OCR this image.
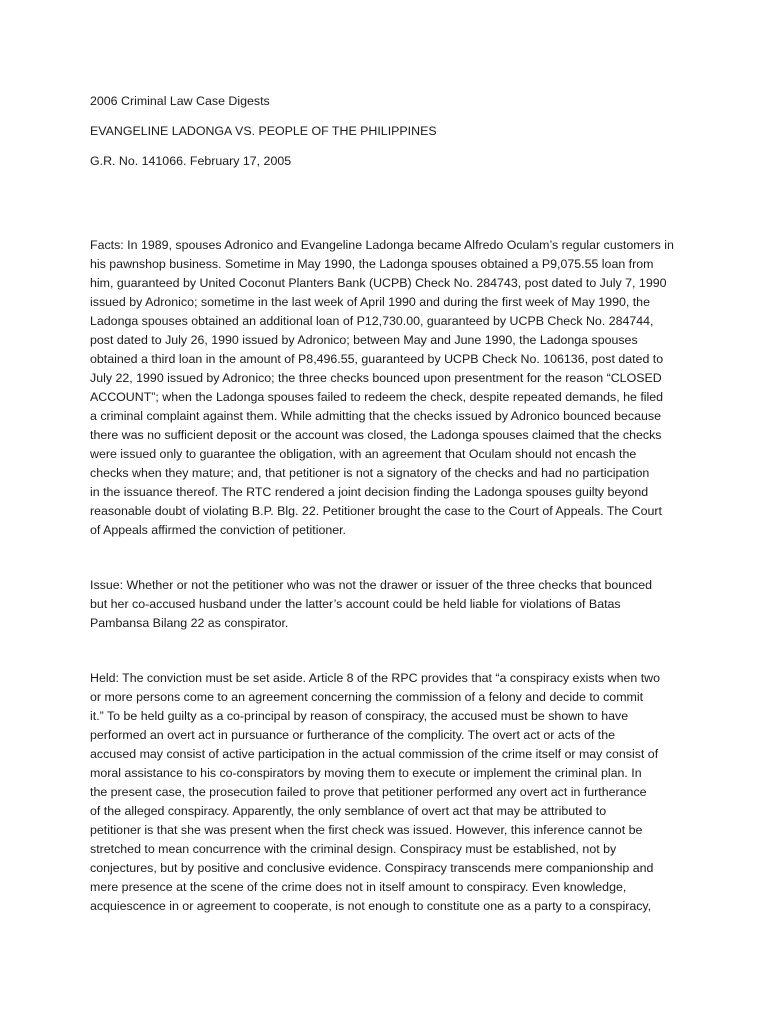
2006 Criminal Law Case Digests

EVANGELINE LADONGA VS. PEOPLE OF THE PHILIPPINES

G.R. No. 141066. February 17, 2005

Facts: In 1989, spouses Adronico and Evangeline Ladonga became Alfredo Oculam’s regular customers in
his pawnshop business. Sometime in May 1990, the Ladonga spouses obtained a P9,075.55 loan from
him, guaranteed by United Coconut Planters Bank (UCPB) Check No. 284743, post dated to July 7, 1990
issued by Adronico; sometime in the last week of April 1990 and during the first week of May 1990, the
Ladonga spouses obtained an additional loan of P12,730.00, guaranteed by UCPB Check No. 284744,
post dated to July 26, 1990 issued by Adronico; between May and June 1990, the Ladonga spouses
obtained a third loan in the amount of P8,496.55, guaranteed by UCPB Check No. 106136, post dated to
July 22, 1990 issued by Adronico; the three checks bounced upon presentment for the reason “CLOSED
ACCOUNT”; when the Ladonga spouses failed to redeem the check, despite repeated demands, he filed
a criminal complaint against them. While admitting that the checks issued by Adronico bounced because
there was no sufficient deposit or the account was closed, the Ladonga spouses claimed that the checks
were issued only to guarantee the obligation, with an agreement that Oculam should not encash the
checks when they mature; and, that petitioner is not a signatory of the checks and had no participation
in the issuance thereof. The RTC rendered a joint decision finding the Ladonga spouses guilty beyond
reasonable doubt of violating B.P. Blg. 22. Petitioner brought the case to the Court of Appeals. The Court
of Appeals affirmed the conviction of petitioner.
Issue: Whether or not the petitioner who was not the drawer or issuer of the three checks that bounced
but her co-accused husband under the latter’s account could be held liable for violations of Batas
Pambansa Bilang 22 as conspirator.
Held: The conviction must be set aside. Article 8 of the RPC provides that “a conspiracy exists when two
or more persons come to an agreement concerning the commission of a felony and decide to commit
it.” To be held guilty as a co-principal by reason of conspiracy, the accused must be shown to have
performed an overt act in pursuance or furtherance of the complicity. The overt act or acts of the
accused may consist of active participation in the actual commission of the crime itself or may consist of
moral assistance to his co-conspirators by moving them to execute or implement the criminal plan. In
the present case, the prosecution failed to prove that petitioner performed any overt act in furtherance
of the alleged conspiracy. Apparently, the only semblance of overt act that may be attributed to
petitioner is that she was present when the first check was issued. However, this inference cannot be
stretched to mean concurrence with the criminal design. Conspiracy must be established, not by
conjectures, but by positive and conclusive evidence. Conspiracy transcends mere companionship and
mere presence at the scene of the crime does not in itself amount to conspiracy. Even knowledge,
acquiescence in or agreement to cooperate, is not enough to constitute one as a party to a conspiracy,
